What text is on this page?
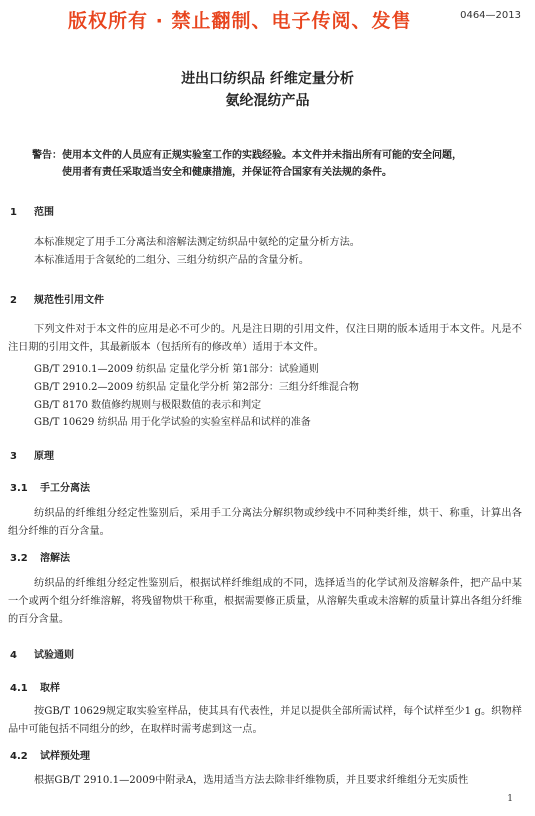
版权所有 · 禁止翻制、电子传阅、发售	0464—2013
进出口纺织品 纤维定量分析
氨纶混纺产品
警告：使用本文件的人员应有正规实验室工作的实践经验。本文件并未指出所有可能的安全问题，
使用者有责任采取适当安全和健康措施，并保证符合国家有关法规的条件。
1 范围
本标准规定了用手工分离法和溶解法测定纺织品中氨纶的定量分析方法。
本标准适用于含氨纶的二组分、三组分纺织产品的含量分析。
2 规范性引用文件
下列文件对于本文件的应用是必不可少的。凡是注日期的引用文件，仅注日期的版本适用于本文件。凡是不注日期的引用文件，其最新版本（包括所有的修改单）适用于本文件。
GB/T 2910.1—2009 纺织品 定量化学分析 第1部分：试验通则
GB/T 2910.2—2009 纺织品 定量化学分析 第2部分：三组分纤维混合物
GB/T 8170 数值修约规则与极限数值的表示和判定
GB/T 10629 纺织品 用于化学试验的实验室样品和试样的准备
3 原理
3.1 手工分离法
纺织品的纤维组分经定性鉴别后，采用手工分离法分解织物或纱线中不同种类纤维，烘干、称重，计算出各组分纤维的百分含量。
3.2 溶解法
纺织品的纤维组分经定性鉴别后，根据试样纤维组成的不同，选择适当的化学试剂及溶解条件，把产品中某一个或两个组分纤维溶解，将残留物烘干称重，根据需要修正质量，从溶解失重或未溶解的质量计算出各组分纤维的百分含量。
4 试验通则
4.1 取样
按GB/T 10629规定取实验室样品，使其具有代表性，并足以提供全部所需试样，每个试样至少1 g。织物样品中可能包括不同组分的纱，在取样时需考虑到这一点。
4.2 试样预处理
根据GB/T 2910.1—2009中附录A，选用适当方法去除非纤维物质，并且要求纤维组分无实质性
1
